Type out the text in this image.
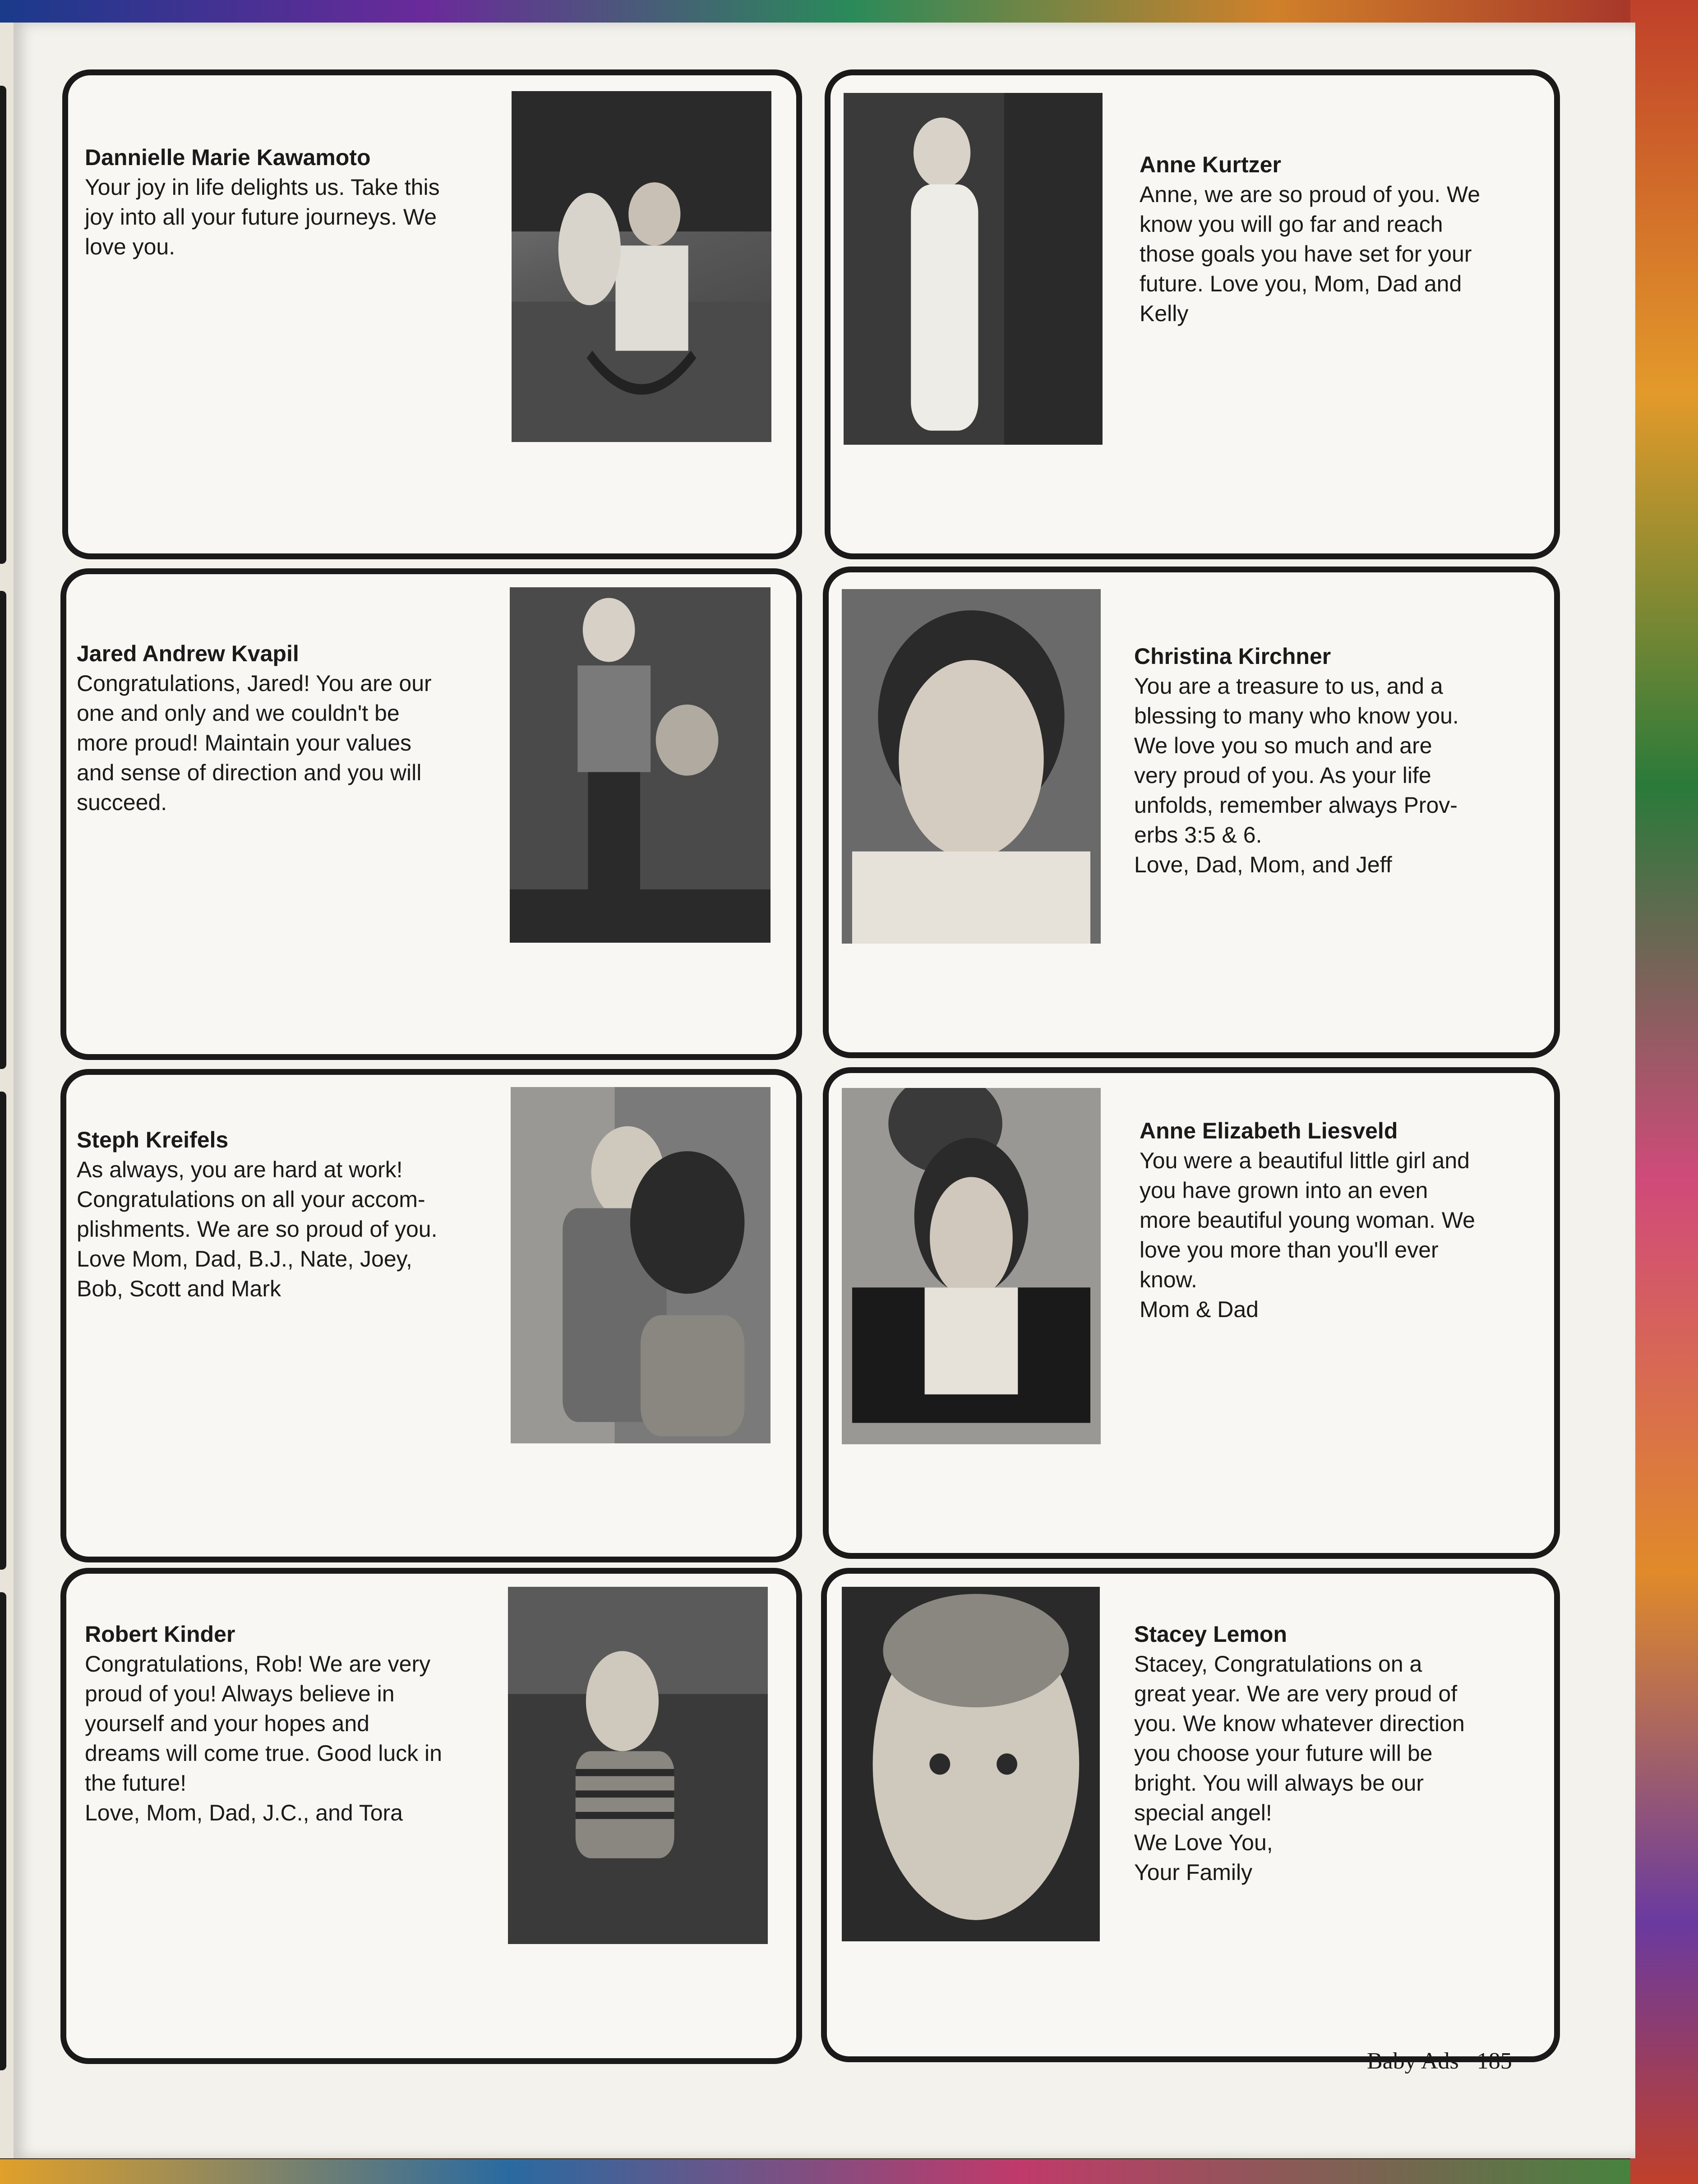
Dannielle Marie Kawamoto
Your joy in life delights us. Take this
joy into all your future journeys. We
love you.
Anne Kurtzer
Anne, we are so proud of you. We
know you will go far and reach
those goals you have set for your
future. Love you, Mom, Dad and
Kelly
Jared Andrew Kvapil
Congratulations, Jared! You are our
one and only and we couldn't be
more proud! Maintain your values
and sense of direction and you will
succeed.
Christina Kirchner
You are a treasure to us, and a
blessing to many who know you.
We love you so much and are
very proud of you. As your life
unfolds, remember always Prov-
erbs 3:5 & 6.
Love, Dad, Mom, and Jeff
Steph Kreifels
As always, you are hard at work!
Congratulations on all your accom-
plishments. We are so proud of you.
Love Mom, Dad, B.J., Nate, Joey,
Bob, Scott and Mark
Anne Elizabeth Liesveld
You were a beautiful little girl and
you have grown into an even
more beautiful young woman. We
love you more than you'll ever
know.
Mom & Dad
Robert Kinder
Congratulations, Rob! We are very
proud of you! Always believe in
yourself and your hopes and
dreams will come true. Good luck in
the future!
Love, Mom, Dad, J.C., and Tora
Stacey Lemon
Stacey, Congratulations on a
great year. We are very proud of
you. We know whatever direction
you choose your future will be
bright. You will always be our
special angel!
We Love You,
Your Family
Baby Ads 185
